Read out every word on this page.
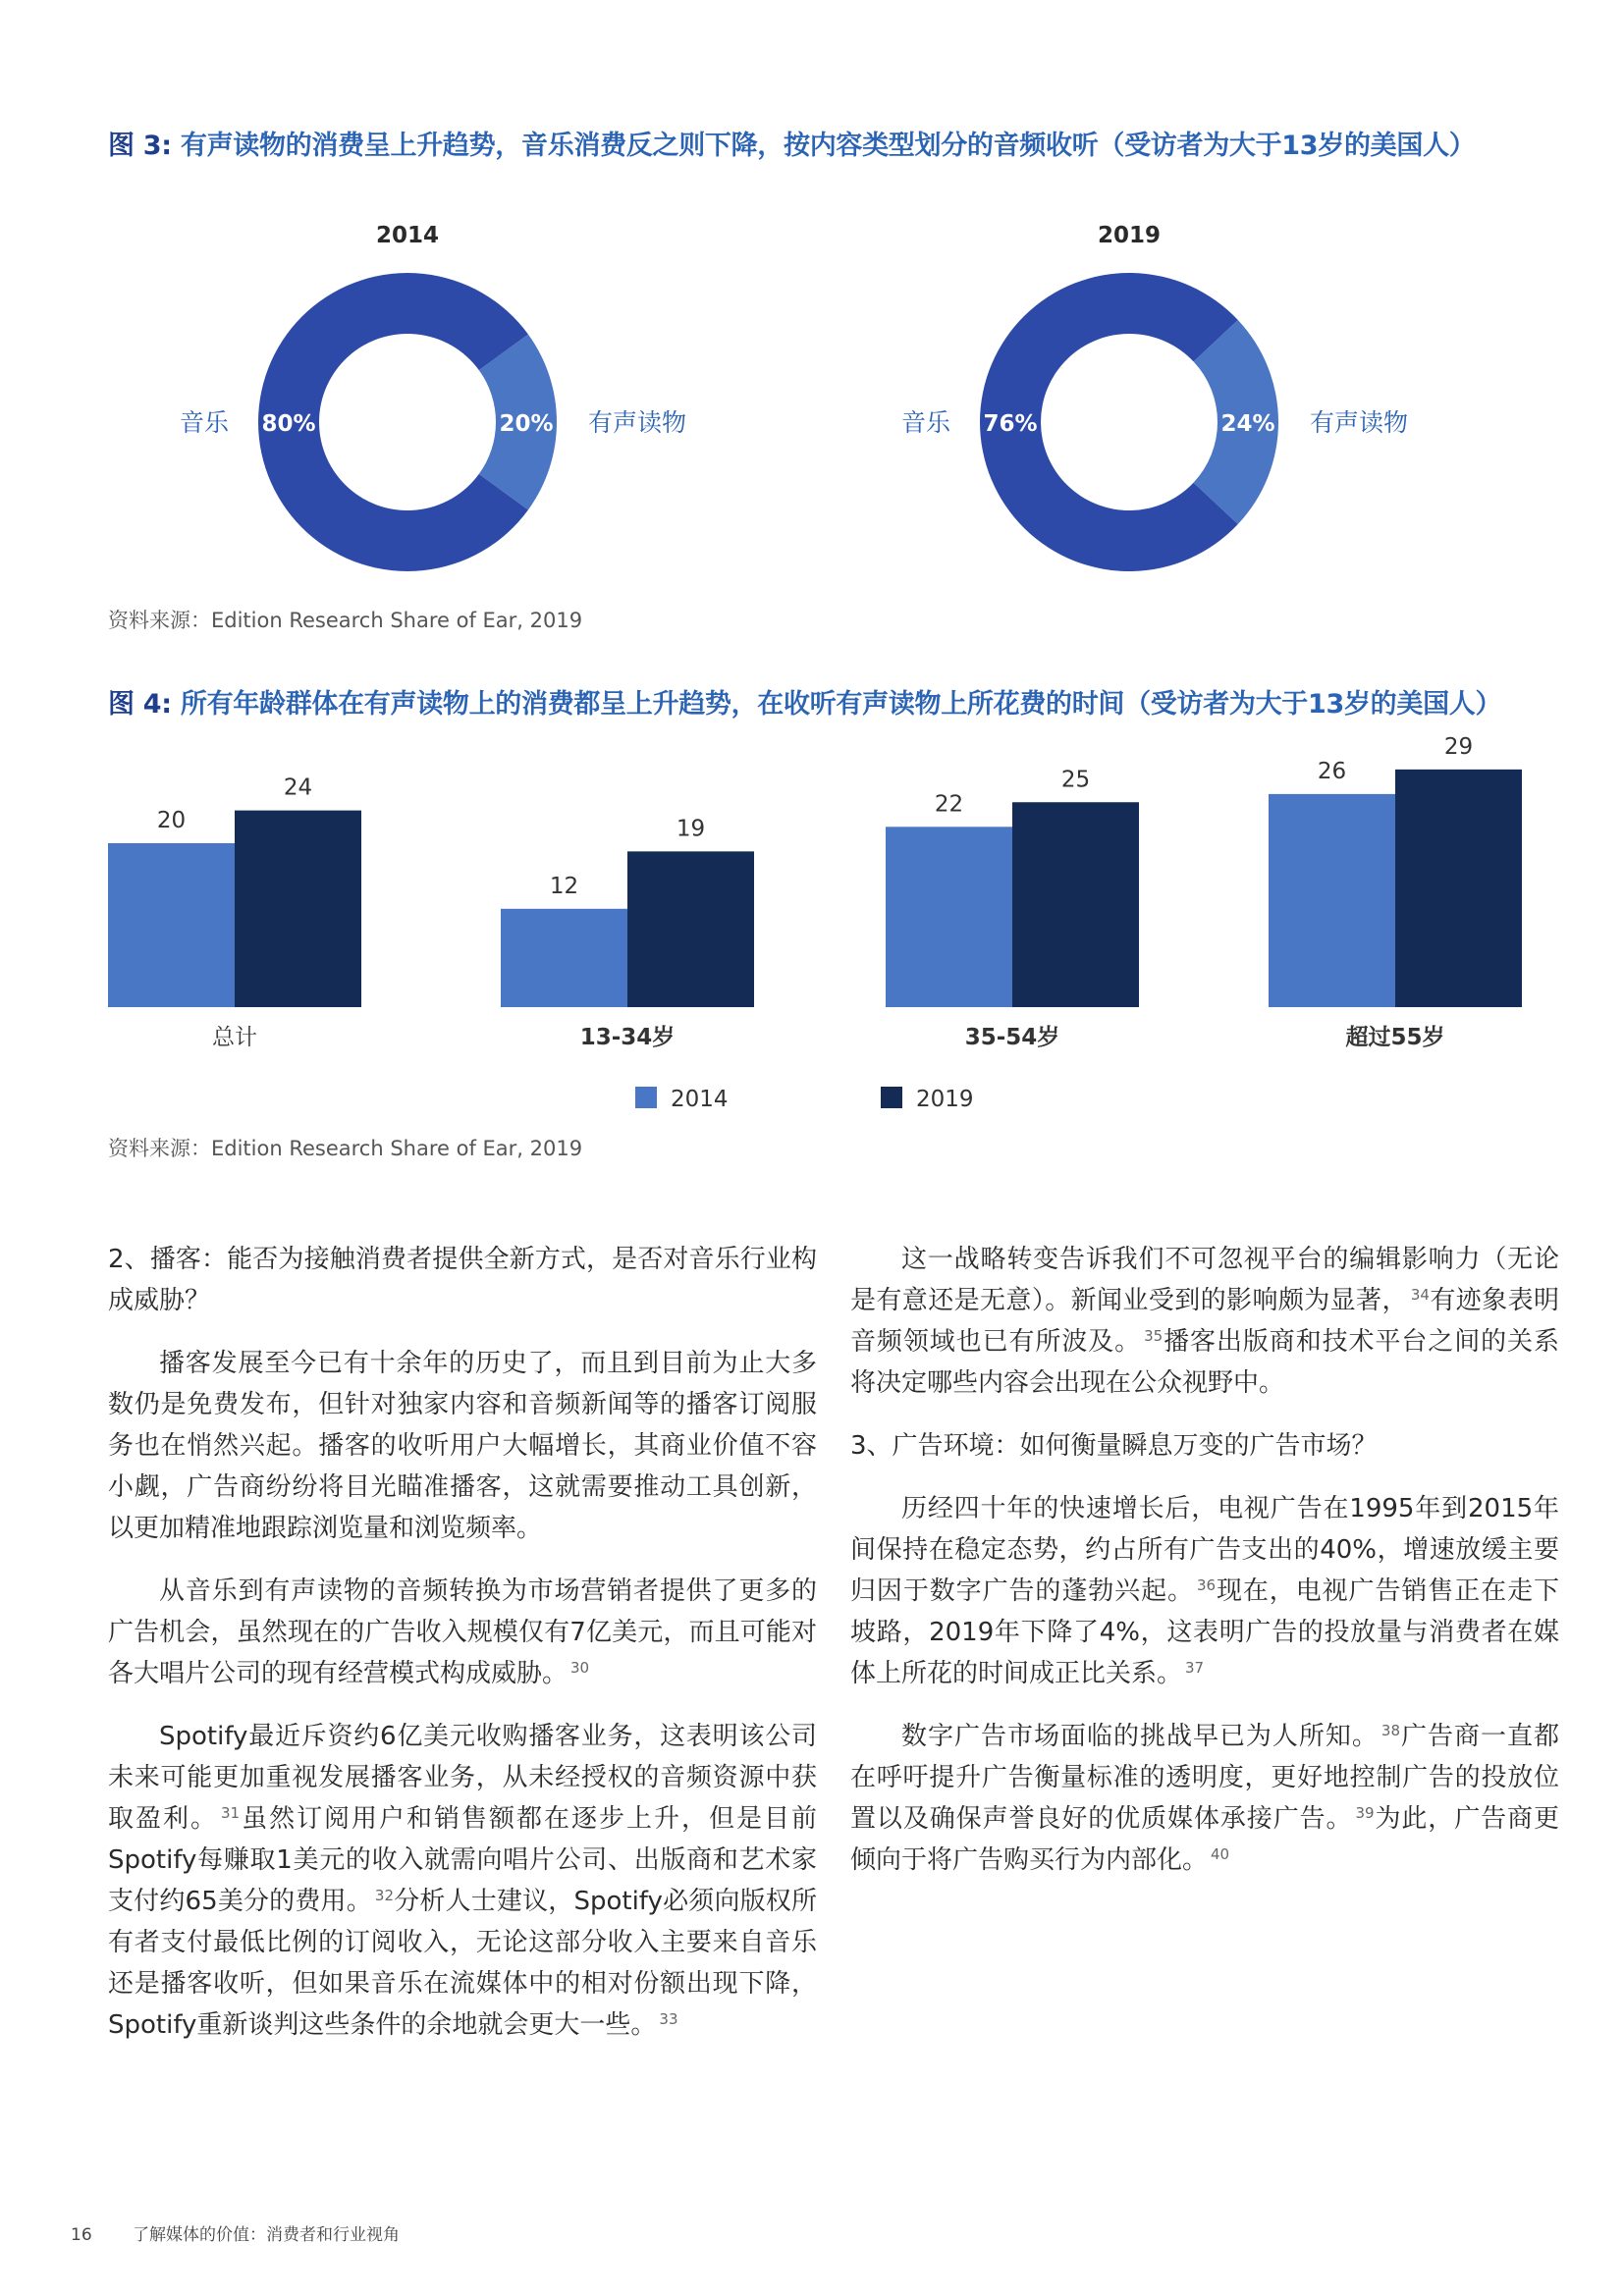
图 3: 有声读物的消费呈上升趋势，音乐消费反之则下降，按内容类型划分的音频收听（受访者为大于13岁的美国人）
2014
80%	20%
音乐	有声读物
2019
76%	24%
音乐	有声读物
资料来源：Edition Research Share of Ear, 2019
图 4: 所有年龄群体在有声读物上的消费都呈上升趋势，在收听有声读物上所花费的时间（受访者为大于13岁的美国人）
20
24
总计
12
19
13-34岁
22
25
35-54岁
26
29
超过55岁
2014	2019
资料来源：Edition Research Share of Ear, 2019

2、播客：能否为接触消费者提供全新方式，是否对音乐行业构成威胁？

播客发展至今已有十余年的历史了，而且到目前为止大多数仍是免费发布，但针对独家内容和音频新闻等的播客订阅服务也在悄然兴起。播客的收听用户大幅增长，其商业价值不容小觑，广告商纷纷将目光瞄准播客，这就需要推动工具创新，以更加精准地跟踪浏览量和浏览频率。

从音乐到有声读物的音频转换为市场营销者提供了更多的广告机会，虽然现在的广告收入规模仅有7亿美元，而且可能对各大唱片公司的现有经营模式构成威胁。 $^{30}$

Spotify最近斥资约6亿美元收购播客业务，这表明该公司未来可能更加重视发展播客业务，从未经授权的音频资源中获取盈利。 $^{31}$虽然订阅用户和销售额都在逐步上升，但是目前Spotify每赚取1美元的收入就需向唱片公司、出版商和艺术家支付约65美分的费用。 $^{32}$分析人士建议，Spotify必须向版权所有者支付最低比例的订阅收入，无论这部分收入主要来自音乐还是播客收听，但如果音乐在流媒体中的相对份额出现下降，Spotify重新谈判这些条件的余地就会更大一些。 $^{33}$

这一战略转变告诉我们不可忽视平台的编辑影响力（无论是有意还是无意）。新闻业受到的影响颇为显著， $^{34}$有迹象表明音频领域也已有所波及。 $^{35}$播客出版商和技术平台之间的关系将决定哪些内容会出现在公众视野中。

3、广告环境：如何衡量瞬息万变的广告市场？

历经四十年的快速增长后，电视广告在1995年到2015年间保持在稳定态势，约占所有广告支出的40%，增速放缓主要归因于数字广告的蓬勃兴起。 $^{36}$现在，电视广告销售正在走下坡路，2019年下降了4%，这表明广告的投放量与消费者在媒体上所花的时间成正比关系。 $^{37}$

数字广告市场面临的挑战早已为人所知。 $^{38}$广告商一直都在呼吁提升广告衡量标准的透明度，更好地控制广告的投放位置以及确保声誉良好的优质媒体承接广告。 $^{39}$为此，广告商更倾向于将广告购买行为内部化。 $^{40}$

16 了解媒体的价值：消费者和行业视角
